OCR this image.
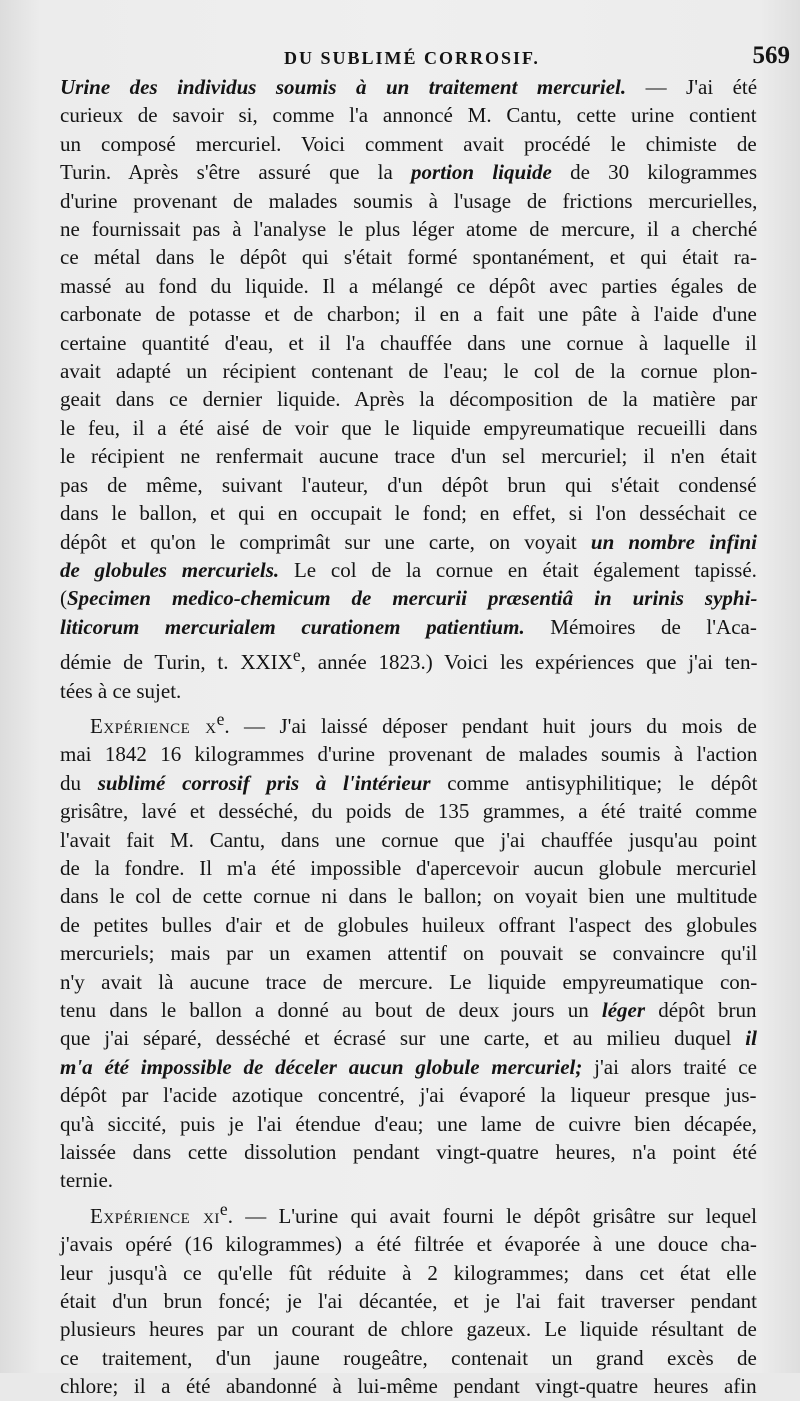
DU SUBLIMÉ CORROSIF.	569
Urine des individus soumis à un traitement mercuriel. — J'ai été
curieux de savoir si, comme l'a annoncé M. Cantu, cette urine contient
un composé mercuriel. Voici comment avait procédé le chimiste de
Turin. Après s'être assuré que la portion liquide de 30 kilogrammes
d'urine provenant de malades soumis à l'usage de frictions mercurielles,
ne fournissait pas à l'analyse le plus léger atome de mercure, il a cherché
ce métal dans le dépôt qui s'était formé spontanément, et qui était ra-
massé au fond du liquide. Il a mélangé ce dépôt avec parties égales de
carbonate de potasse et de charbon; il en a fait une pâte à l'aide d'une
certaine quantité d'eau, et il l'a chauffée dans une cornue à laquelle il
avait adapté un récipient contenant de l'eau; le col de la cornue plon-
geait dans ce dernier liquide. Après la décomposition de la matière par
le feu, il a été aisé de voir que le liquide empyreumatique recueilli dans
le récipient ne renfermait aucune trace d'un sel mercuriel; il n'en était
pas de même, suivant l'auteur, d'un dépôt brun qui s'était condensé
dans le ballon, et qui en occupait le fond; en effet, si l'on desséchait ce
dépôt et qu'on le comprimât sur une carte, on voyait un nombre infini
de globules mercuriels. Le col de la cornue en était également tapissé.
(Specimen medico-chemicum de mercurii præsentiâ in urinis syphi-
liticorum mercurialem curationem patientium. Mémoires de l'Aca-
démie de Turin, t. XXIXe, année 1823.) Voici les expériences que j'ai ten-
tées à ce sujet.
Expérience $x^e$. — J'ai laissé déposer pendant huit jours du mois de
mai 1842 16 kilogrammes d'urine provenant de malades soumis à l'action
du sublimé corrosif pris à l'intérieur comme antisyphilitique; le dépôt
grisâtre, lavé et desséché, du poids de 135 grammes, a été traité comme
l'avait fait M. Cantu, dans une cornue que j'ai chauffée jusqu'au point
de la fondre. Il m'a été impossible d'apercevoir aucun globule mercuriel
dans le col de cette cornue ni dans le ballon; on voyait bien une multitude
de petites bulles d'air et de globules huileux offrant l'aspect des globules
mercuriels; mais par un examen attentif on pouvait se convaincre qu'il
n'y avait là aucune trace de mercure. Le liquide empyreumatique con-
tenu dans le ballon a donné au bout de deux jours un léger dépôt brun
que j'ai séparé, desséché et écrasé sur une carte, et au milieu duquel il
m'a été impossible de déceler aucun globule mercuriel; j'ai alors traité ce
dépôt par l'acide azotique concentré, j'ai évaporé la liqueur presque jus-
qu'à siccité, puis je l'ai étendue d'eau; une lame de cuivre bien décapée,
laissée dans cette dissolution pendant vingt-quatre heures, n'a point été
ternie.
Expérience $xi^e$. — L'urine qui avait fourni le dépôt grisâtre sur lequel
j'avais opéré (16 kilogrammes) a été filtrée et évaporée à une douce cha-
leur jusqu'à ce qu'elle fût réduite à 2 kilogrammes; dans cet état elle
était d'un brun foncé; je l'ai décantée, et je l'ai fait traverser pendant
plusieurs heures par un courant de chlore gazeux. Le liquide résultant de
ce traitement, d'un jaune rougeâtre, contenait un grand excès de
chlore; il a été abandonné à lui-même pendant vingt-quatre heures afin
